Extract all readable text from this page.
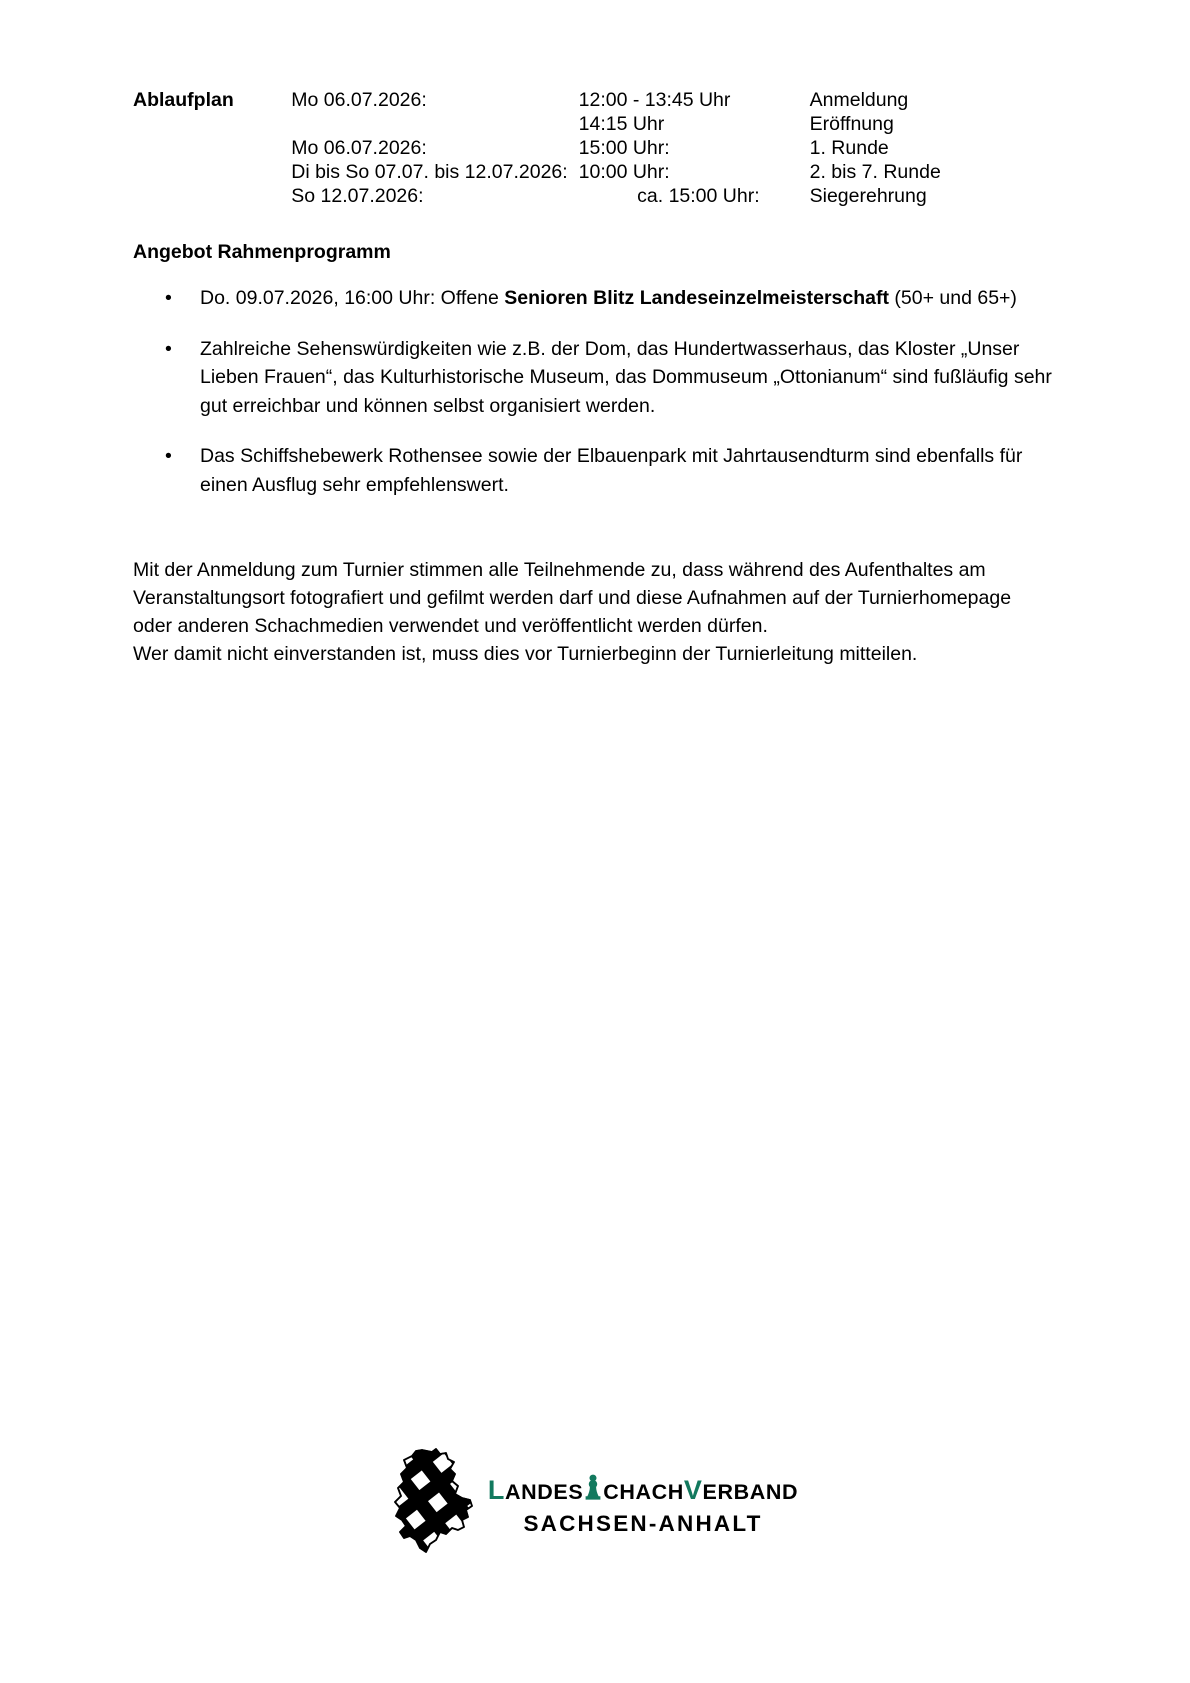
Ablaufplan	Mo 06.07.2026:	12:00 - 13:45 Uhr	Anmeldung
		14:15 Uhr	Eröffnung
	Mo 06.07.2026:	15:00 Uhr:	1. Runde
	Di bis So 07.07. bis 12.07.2026:	10:00 Uhr:	2. bis 7. Runde
	So 12.07.2026:	ca. 15:00 Uhr:	Siegerehrung
Angebot Rahmenprogramm
• Do. 09.07.2026, 16:00 Uhr: Offene Senioren Blitz Landeseinzelmeisterschaft (50+ und 65+)
• Zahlreiche Sehenswürdigkeiten wie z.B. der Dom, das Hundertwasserhaus, das Kloster „Unser Lieben Frauen“, das Kulturhistorische Museum, das Dommuseum „Ottonianum“ sind fußläufig sehr gut erreichbar und können selbst organisiert werden.
• Das Schiffshebewerk Rothensee sowie der Elbauenpark mit Jahrtausendturm sind ebenfalls für einen Ausflug sehr empfehlenswert.

Mit der Anmeldung zum Turnier stimmen alle Teilnehmende zu, dass während des Aufenthaltes am Veranstaltungsort fotografiert und gefilmt werden darf und diese Aufnahmen auf der Turnierhomepage oder anderen Schachmedien verwendet und veröffentlicht werden dürfen.

Wer damit nicht einverstanden ist, muss dies vor Turnierbeginn der Turnierleitung mitteilen.

L ANDES CHACH V ERBAND
SACHSEN-ANHALT
